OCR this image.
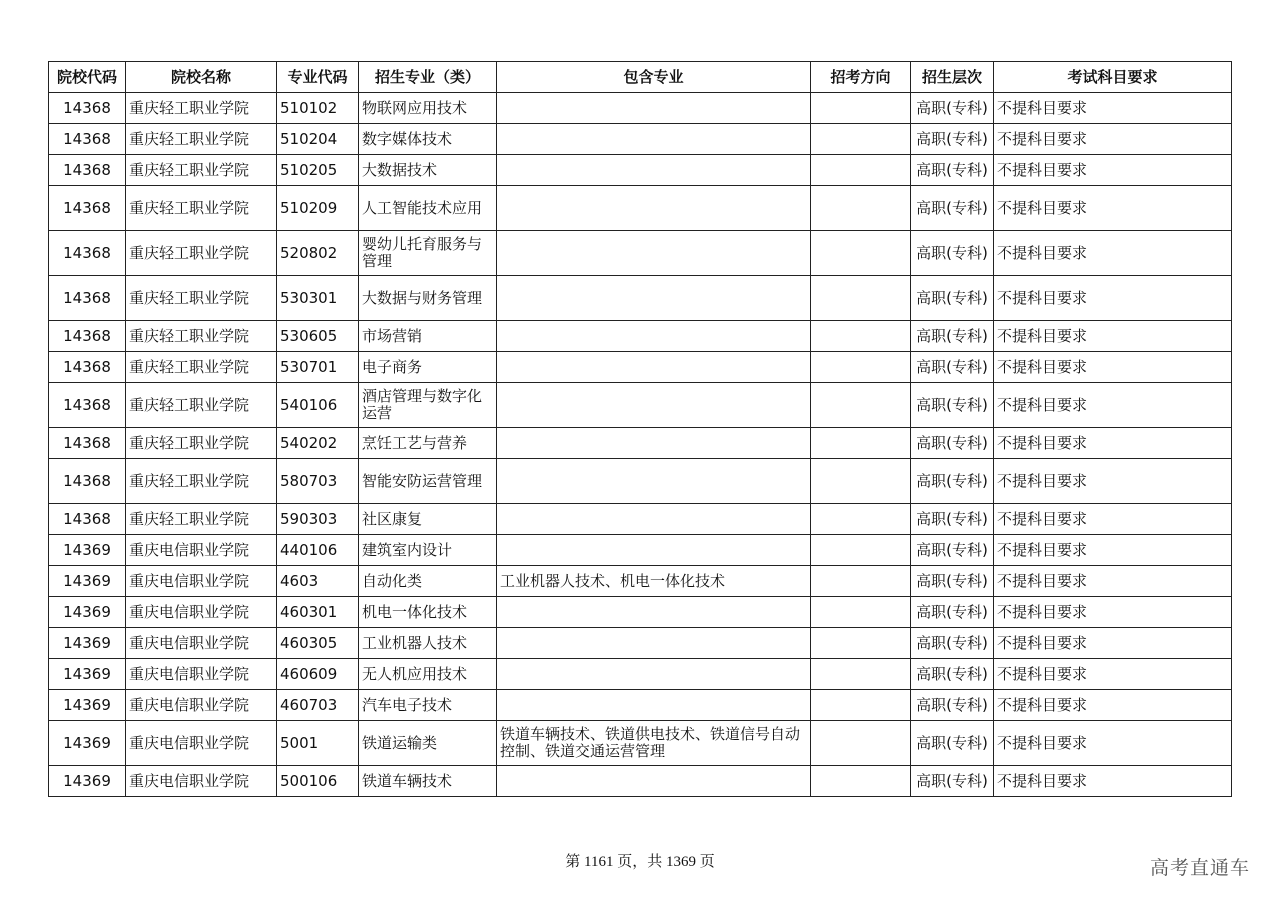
院校代码	院校名称	专业代码	招生专业（类）	包含专业	招考方向	招生层次	考试科目要求
14368	重庆轻工职业学院	510102	物联网应用技术			高职(专科)	不提科目要求
14368	重庆轻工职业学院	510204	数字媒体技术			高职(专科)	不提科目要求
14368	重庆轻工职业学院	510205	大数据技术			高职(专科)	不提科目要求
14368	重庆轻工职业学院	510209	人工智能技术应用			高职(专科)	不提科目要求
14368	重庆轻工职业学院	520802	婴幼儿托育服务与管理			高职(专科)	不提科目要求
14368	重庆轻工职业学院	530301	大数据与财务管理			高职(专科)	不提科目要求
14368	重庆轻工职业学院	530605	市场营销			高职(专科)	不提科目要求
14368	重庆轻工职业学院	530701	电子商务			高职(专科)	不提科目要求
14368	重庆轻工职业学院	540106	酒店管理与数字化运营			高职(专科)	不提科目要求
14368	重庆轻工职业学院	540202	烹饪工艺与营养			高职(专科)	不提科目要求
14368	重庆轻工职业学院	580703	智能安防运营管理			高职(专科)	不提科目要求
14368	重庆轻工职业学院	590303	社区康复			高职(专科)	不提科目要求
14369	重庆电信职业学院	440106	建筑室内设计			高职(专科)	不提科目要求
14369	重庆电信职业学院	4603	自动化类	工业机器人技术、机电一体化技术		高职(专科)	不提科目要求
14369	重庆电信职业学院	460301	机电一体化技术			高职(专科)	不提科目要求
14369	重庆电信职业学院	460305	工业机器人技术			高职(专科)	不提科目要求
14369	重庆电信职业学院	460609	无人机应用技术			高职(专科)	不提科目要求
14369	重庆电信职业学院	460703	汽车电子技术			高职(专科)	不提科目要求
14369	重庆电信职业学院	5001	铁道运输类	铁道车辆技术、铁道供电技术、铁道信号自动控制、铁道交通运营管理		高职(专科)	不提科目要求
14369	重庆电信职业学院	500106	铁道车辆技术			高职(专科)	不提科目要求
第 1161 页，共 1369 页	高考直通车
